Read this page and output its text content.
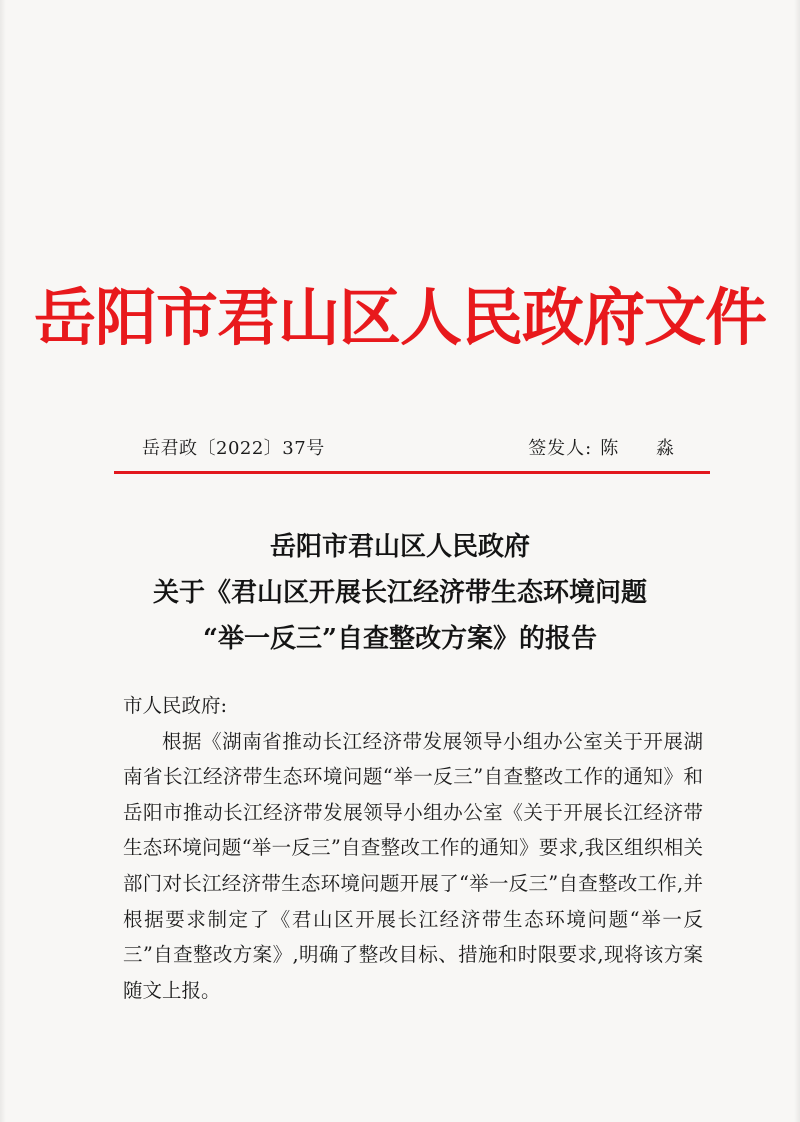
岳阳市君山区人民政府文件
岳君政〔2022〕37号	签发人: 陈 淼
岳阳市君山区人民政府
关于《君山区开展长江经济带生态环境问题
“举一反三”自查整改方案》的报告

市人民政府:

根据《湖南省推动长江经济带发展领导小组办公室关于开展湖南省长江经济带生态环境问题“举一反三”自查整改工作的通知》和岳阳市推动长江经济带发展领导小组办公室《关于开展长江经济带生态环境问题“举一反三”自查整改工作的通知》要求,我区组织相关部门对长江经济带生态环境问题开展了“举一反三”自查整改工作,并根据要求制定了《君山区开展长江经济带生态环境问题“举一反三”自查整改方案》,明确了整改目标、措施和时限要求,现将该方案随文上报。
